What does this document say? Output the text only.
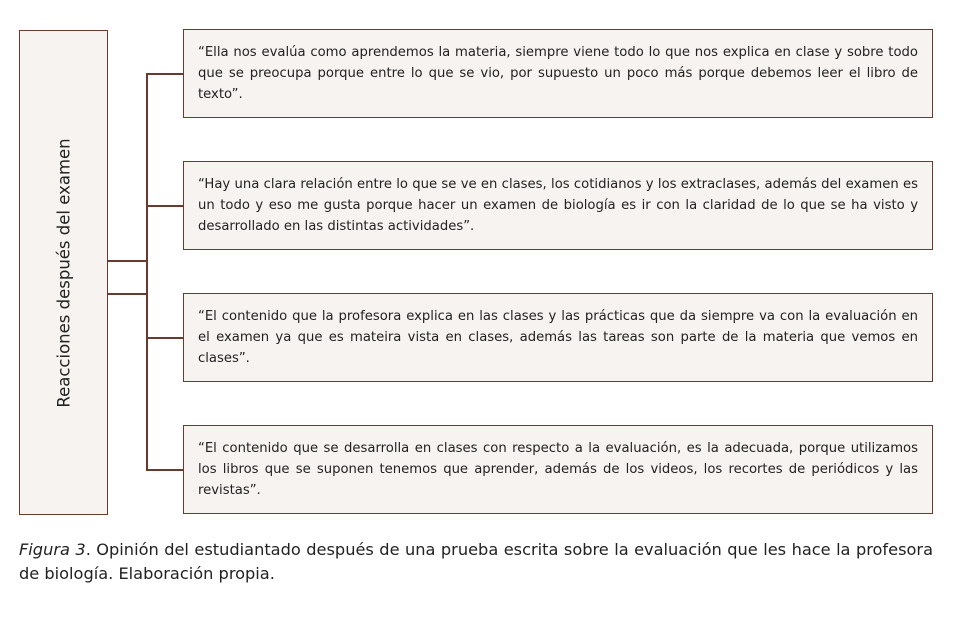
Reacciones después del examen
“Ella nos evalúa como aprendemos la materia, siempre viene todo lo que nos explica en clase y sobre todo que se preocupa porque entre lo que se vio, por supuesto un poco más porque debemos leer el libro de texto”.
“Hay una clara relación entre lo que se ve en clases, los cotidianos y los extraclases, además del examen es un todo y eso me gusta porque hacer un examen de biología es ir con la claridad de lo que se ha visto y desarrollado en las distintas actividades”.
“El contenido que la profesora explica en las clases y las prácticas que da siempre va con la evaluación en el examen ya que es mateira vista en clases, además las tareas son parte de la materia que vemos en clases”.
“El contenido que se desarrolla en clases con respecto a la evaluación, es la adecuada, porque utilizamos los libros que se suponen tenemos que aprender, además de los videos, los recortes de periódicos y las revistas”.
Figura 3. Opinión del estudiantado después de una prueba escrita sobre la evaluación que les hace la profesora de biología. Elaboración propia.
